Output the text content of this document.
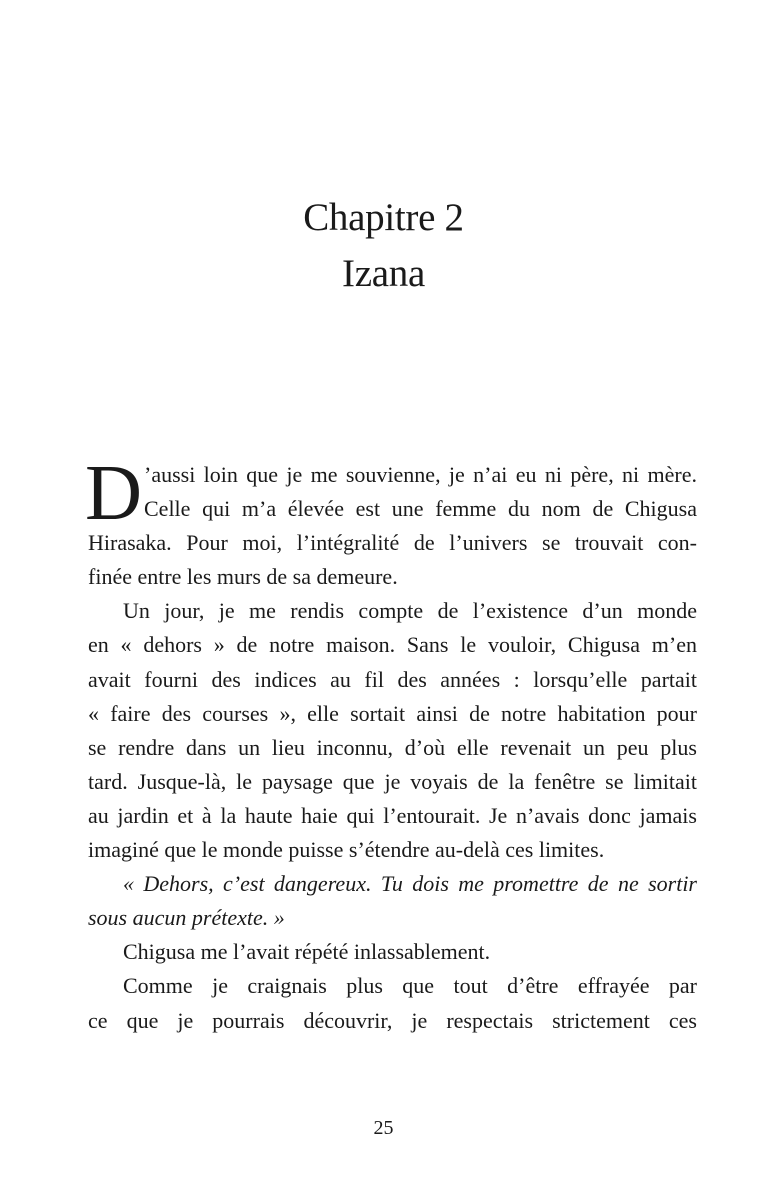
Chapitre 2
Izana
D ’aussi loin que je me souvienne, je n’ai eu ni père, ni mère.
Celle qui m’a élevée est une femme du nom de Chigusa
Hirasaka. Pour moi, l’intégralité de l’univers se trouvait con-
finée entre les murs de sa demeure.
Un jour, je me rendis compte de l’existence d’un monde
en « dehors » de notre maison. Sans le vouloir, Chigusa m’en
avait fourni des indices au fil des années : lorsqu’elle partait
« faire des courses », elle sortait ainsi de notre habitation pour
se rendre dans un lieu inconnu, d’où elle revenait un peu plus
tard. Jusque-là, le paysage que je voyais de la fenêtre se limitait
au jardin et à la haute haie qui l’entourait. Je n’avais donc jamais
imaginé que le monde puisse s’étendre au-delà ces limites.
« Dehors, c’est dangereux. Tu dois me promettre de ne sortir
sous aucun prétexte. »
Chigusa me l’avait répété inlassablement.
Comme je craignais plus que tout d’être effrayée par
ce que je pourrais découvrir, je respectais strictement ces
25
